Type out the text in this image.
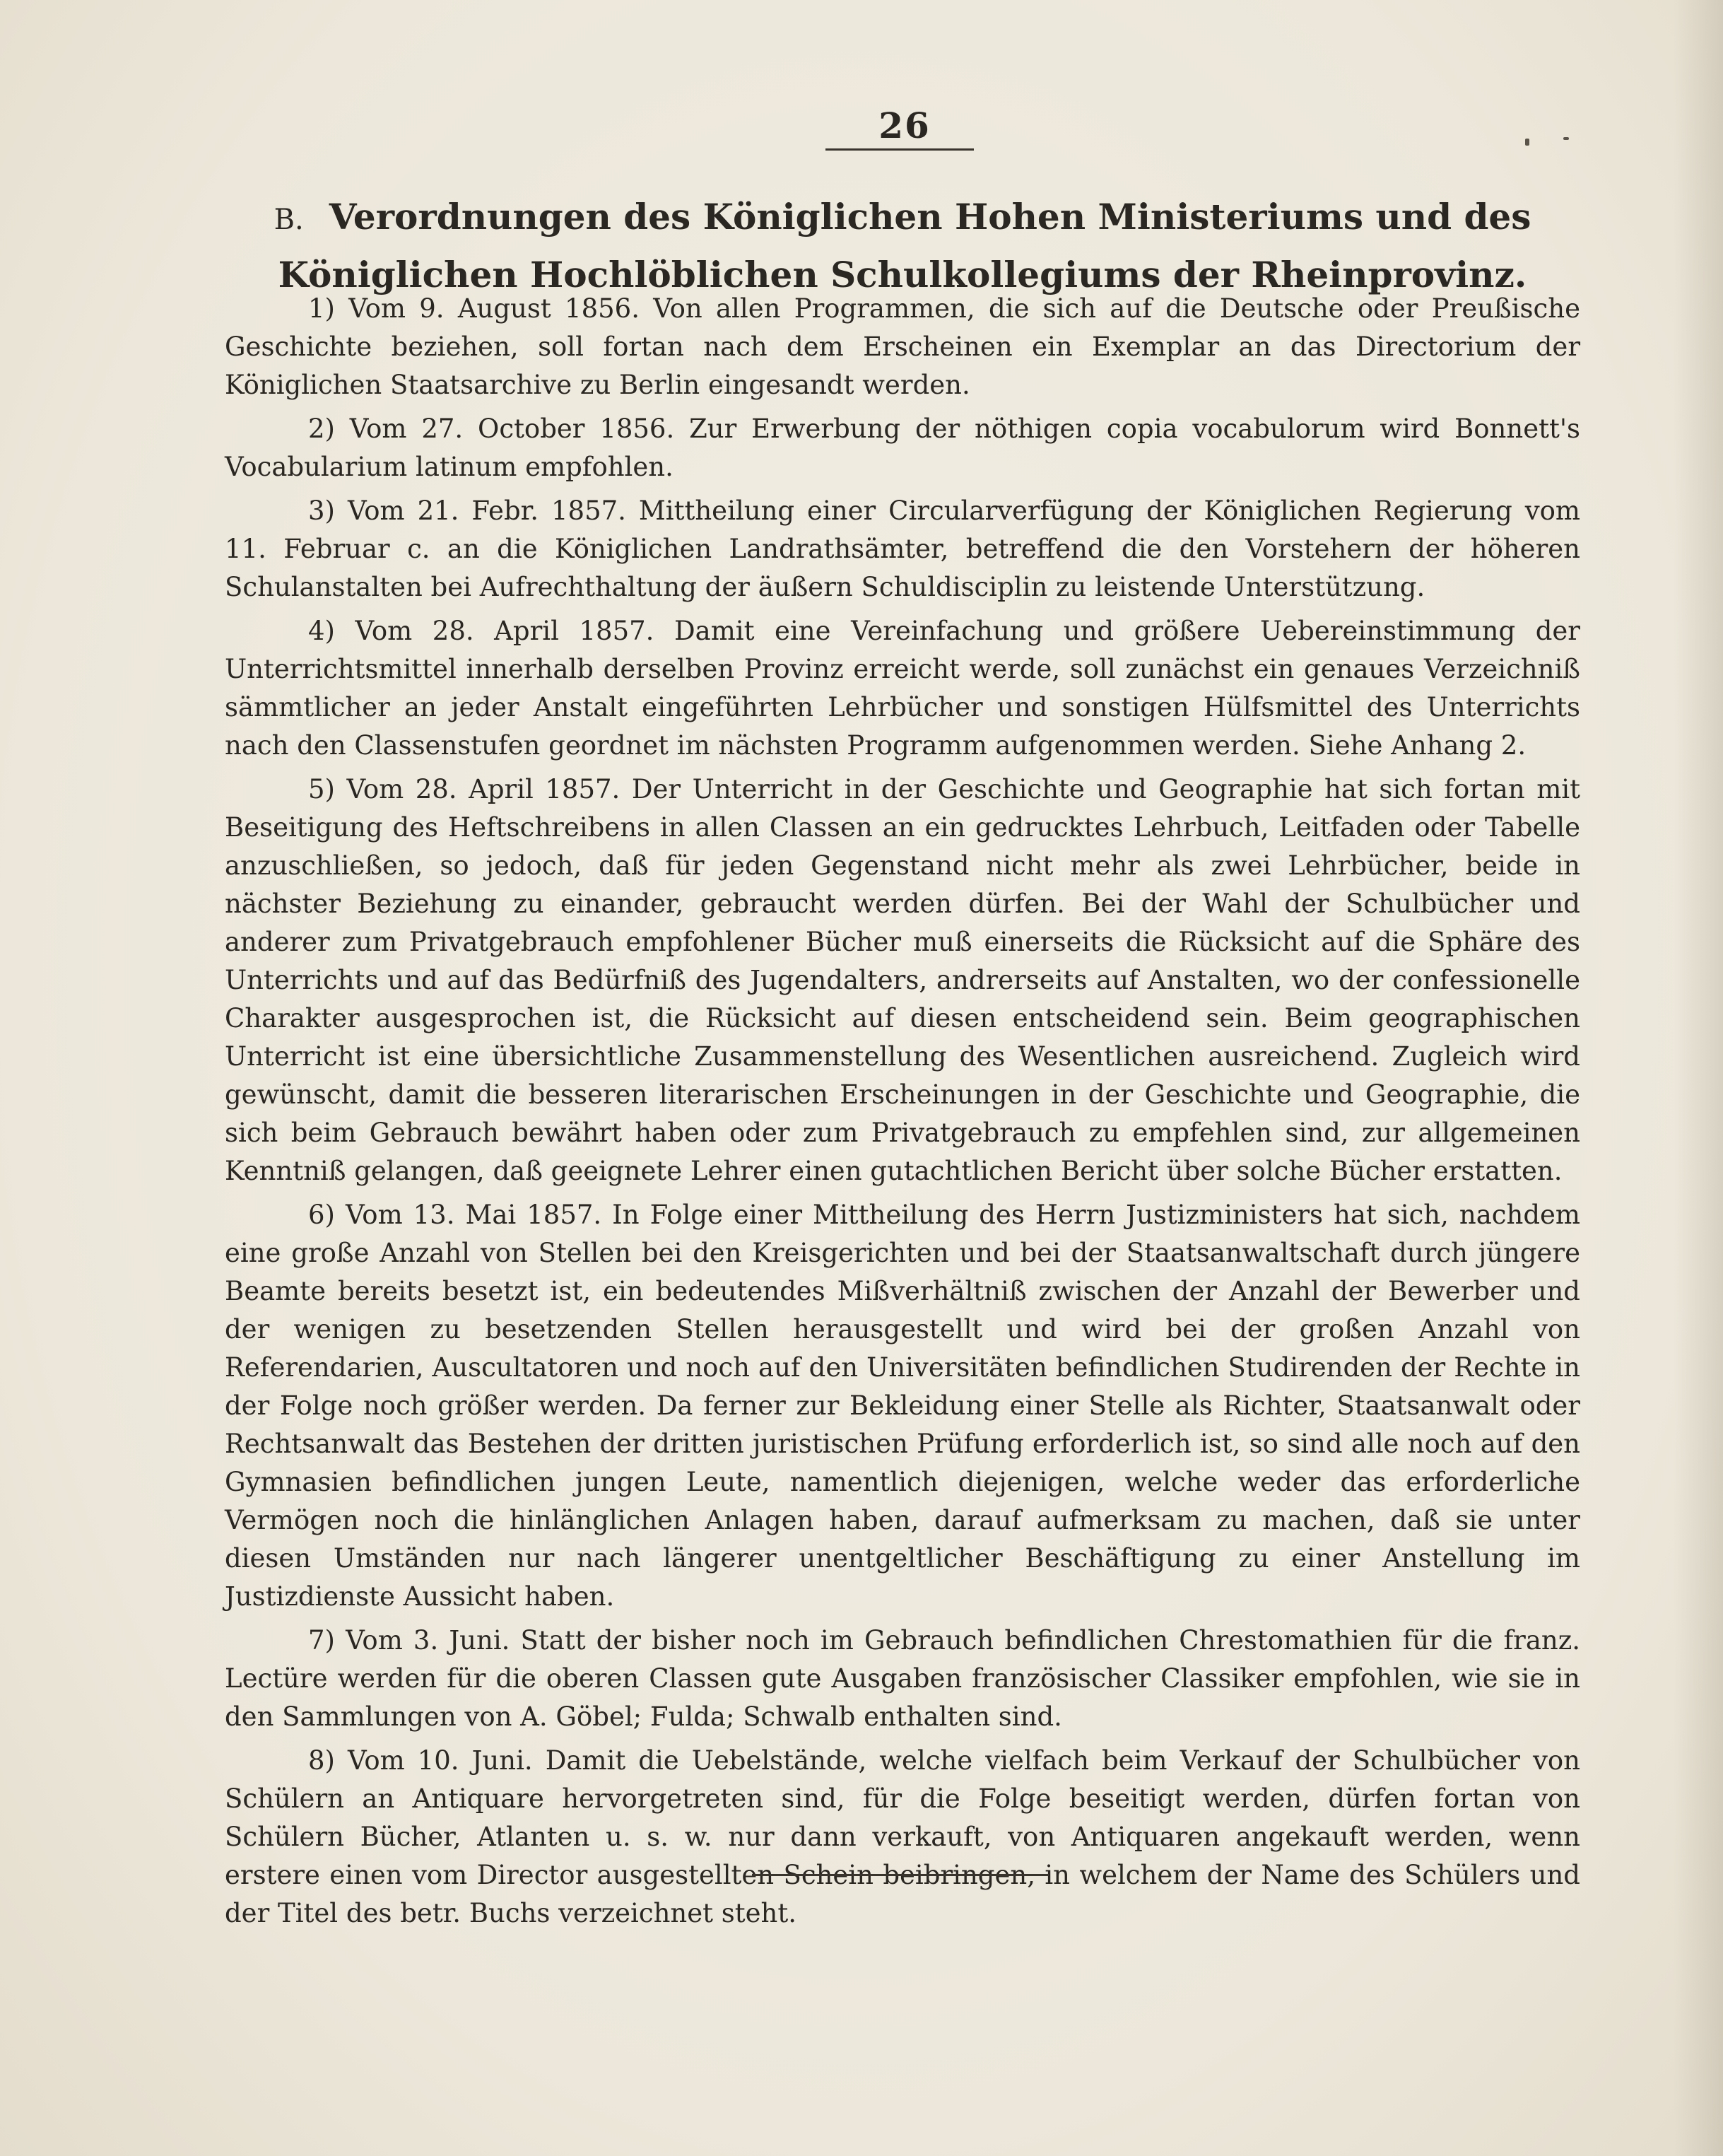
26
B. Verordnungen des Königlichen Hohen Ministeriums und des Königlichen Hochlöblichen Schulkollegiums der Rheinprovinz.

1) Vom 9. August 1856. Von allen Programmen, die sich auf die Deutsche oder Preußische Geschichte beziehen, soll fortan nach dem Erscheinen ein Exemplar an das Directorium der Königlichen Staatsarchive zu Berlin eingesandt werden.

2) Vom 27. October 1856. Zur Erwerbung der nöthigen copia vocabulorum wird Bonnett's Vocabularium latinum empfohlen.

3) Vom 21. Febr. 1857. Mittheilung einer Circularverfügung der Königlichen Regierung vom 11. Februar c. an die Königlichen Landrathsämter, betreffend die den Vorstehern der höheren Schulanstalten bei Aufrechthaltung der äußern Schuldisciplin zu leistende Unterstützung.

4) Vom 28. April 1857. Damit eine Vereinfachung und größere Uebereinstimmung der Unterrichtsmittel innerhalb derselben Provinz erreicht werde, soll zunächst ein genaues Verzeichniß sämmtlicher an jeder Anstalt eingeführten Lehrbücher und sonstigen Hülfsmittel des Unterrichts nach den Classenstufen geordnet im nächsten Programm aufgenommen werden. Siehe Anhang 2.

5) Vom 28. April 1857. Der Unterricht in der Geschichte und Geographie hat sich fortan mit Beseitigung des Heftschreibens in allen Classen an ein gedrucktes Lehrbuch, Leitfaden oder Tabelle anzuschließen, so jedoch, daß für jeden Gegenstand nicht mehr als zwei Lehrbücher, beide in nächster Beziehung zu einander, gebraucht werden dürfen. Bei der Wahl der Schulbücher und anderer zum Privatgebrauch empfohlener Bücher muß einerseits die Rücksicht auf die Sphäre des Unterrichts und auf das Bedürfniß des Jugendalters, andrerseits auf Anstalten, wo der confessionelle Charakter ausgesprochen ist, die Rücksicht auf diesen entscheidend sein. Beim geographischen Unterricht ist eine übersichtliche Zusammenstellung des Wesentlichen ausreichend. Zugleich wird gewünscht, damit die besseren literarischen Erscheinungen in der Geschichte und Geographie, die sich beim Gebrauch bewährt haben oder zum Privatgebrauch zu empfehlen sind, zur allgemeinen Kenntniß gelangen, daß geeignete Lehrer einen gutachtlichen Bericht über solche Bücher erstatten.

6) Vom 13. Mai 1857. In Folge einer Mittheilung des Herrn Justizministers hat sich, nachdem eine große Anzahl von Stellen bei den Kreisgerichten und bei der Staatsanwaltschaft durch jüngere Beamte bereits besetzt ist, ein bedeutendes Mißverhältniß zwischen der Anzahl der Bewerber und der wenigen zu besetzenden Stellen herausgestellt und wird bei der großen Anzahl von Referendarien, Auscultatoren und noch auf den Universitäten befindlichen Studirenden der Rechte in der Folge noch größer werden. Da ferner zur Bekleidung einer Stelle als Richter, Staatsanwalt oder Rechtsanwalt das Bestehen der dritten juristischen Prüfung erforderlich ist, so sind alle noch auf den Gymnasien befindlichen jungen Leute, namentlich diejenigen, welche weder das erforderliche Vermögen noch die hinlänglichen Anlagen haben, darauf aufmerksam zu machen, daß sie unter diesen Umständen nur nach längerer unentgeltlicher Beschäftigung zu einer Anstellung im Justizdienste Aussicht haben.

7) Vom 3. Juni. Statt der bisher noch im Gebrauch befindlichen Chrestomathien für die franz. Lectüre werden für die oberen Classen gute Ausgaben französischer Classiker empfohlen, wie sie in den Sammlungen von A. Göbel; Fulda; Schwalb enthalten sind.

8) Vom 10. Juni. Damit die Uebelstände, welche vielfach beim Verkauf der Schulbücher von Schülern an Antiquare hervorgetreten sind, für die Folge beseitigt werden, dürfen fortan von Schülern Bücher, Atlanten u. s. w. nur dann verkauft, von Antiquaren angekauft werden, wenn erstere einen vom Director ausgestellten Schein beibringen, in welchem der Name des Schülers und der Titel des betr. Buchs verzeichnet steht.
